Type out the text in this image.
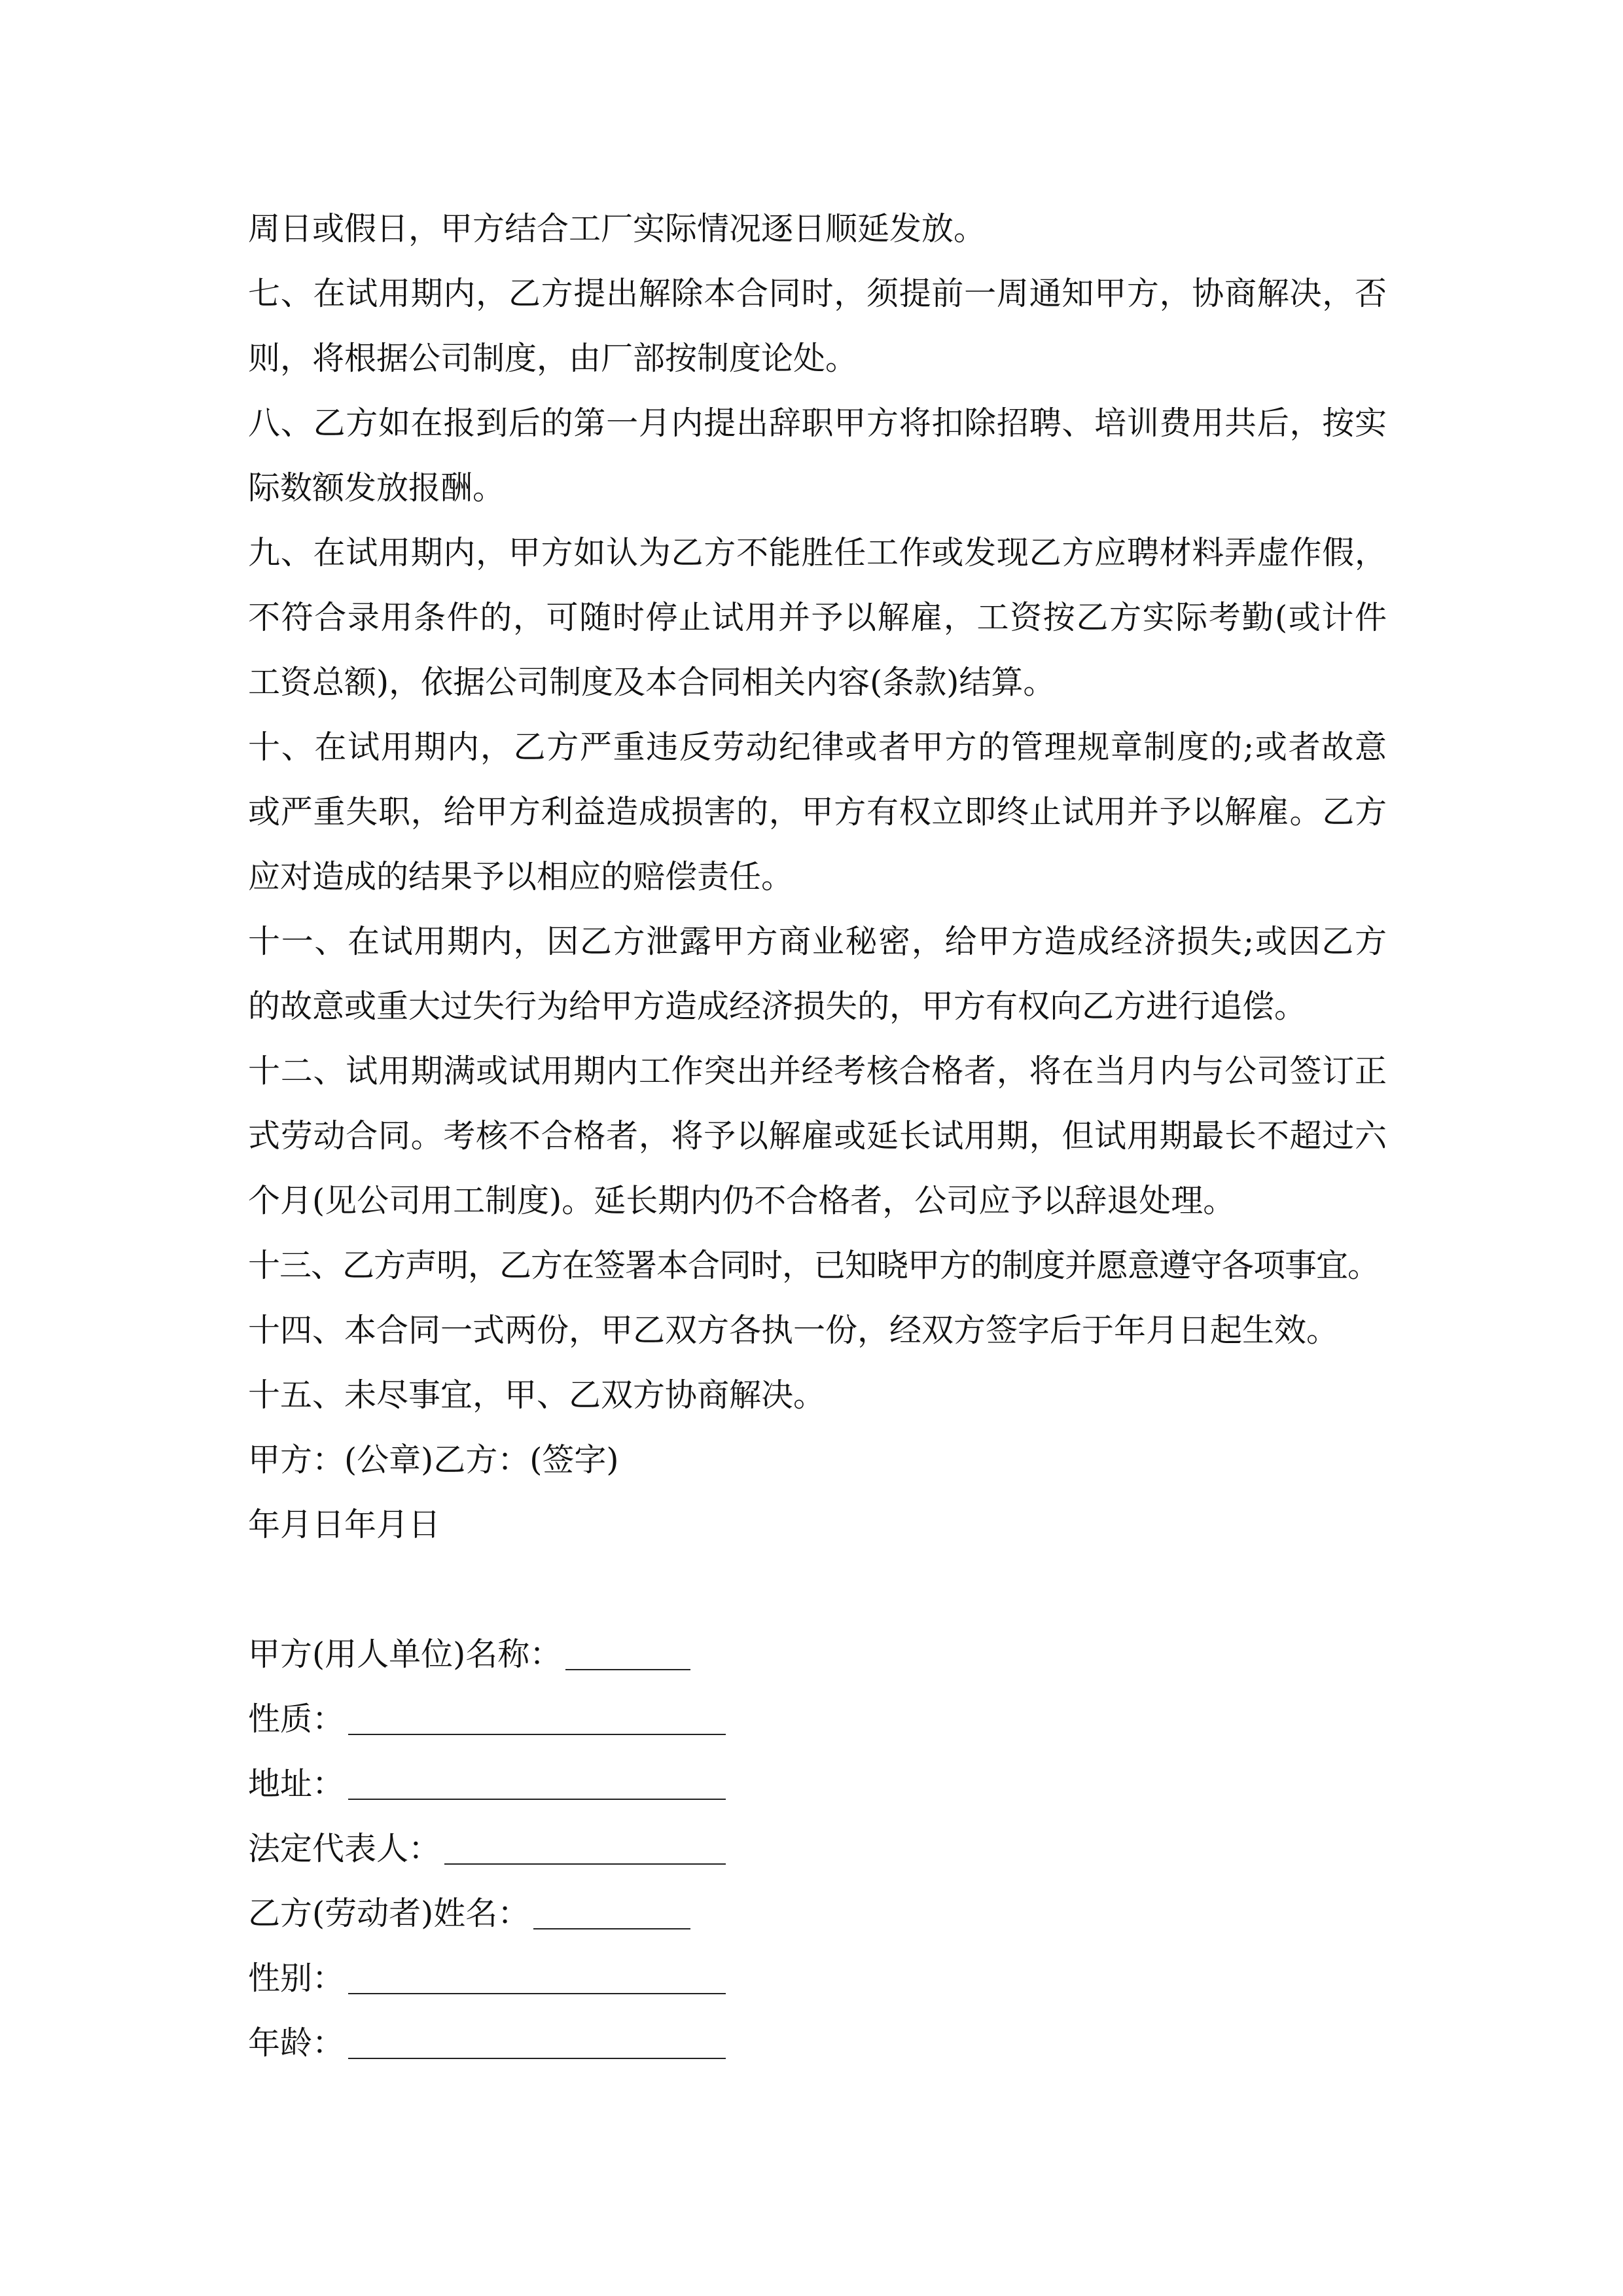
周日或假日，甲方结合工厂实际情况逐日顺延发放。
七、在试用期内，乙方提出解除本合同时，须提前一周通知甲方，协商解决，否
则，将根据公司制度，由厂部按制度论处。
八、乙方如在报到后的第一月内提出辞职甲方将扣除招聘、培训费用共后，按实
际数额发放报酬。
九、在试用期内，甲方如认为乙方不能胜任工作或发现乙方应聘材料弄虚作假，
不符合录用条件的，可随时停止试用并予以解雇，工资按乙方实际考勤(或计件
工资总额)，依据公司制度及本合同相关内容(条款)结算。
十、在试用期内，乙方严重违反劳动纪律或者甲方的管理规章制度的;或者故意
或严重失职，给甲方利益造成损害的，甲方有权立即终止试用并予以解雇。乙方
应对造成的结果予以相应的赔偿责任。
十一、在试用期内，因乙方泄露甲方商业秘密，给甲方造成经济损失;或因乙方
的故意或重大过失行为给甲方造成经济损失的，甲方有权向乙方进行追偿。
十二、试用期满或试用期内工作突出并经考核合格者，将在当月内与公司签订正
式劳动合同。考核不合格者，将予以解雇或延长试用期，但试用期最长不超过六
个月(见公司用工制度)。延长期内仍不合格者，公司应予以辞退处理。
十三、乙方声明，乙方在签署本合同时，已知晓甲方的制度并愿意遵守各项事宜。
十四、本合同一式两份，甲乙双方各执一份，经双方签字后于年月日起生效。
十五、未尽事宜，甲、乙双方协商解决。
甲方：(公章)乙方：(签字)
年月日年月日
甲方(用人单位)名称：
性质：
地址：
法定代表人：
乙方(劳动者)姓名：
性别：
年龄：
